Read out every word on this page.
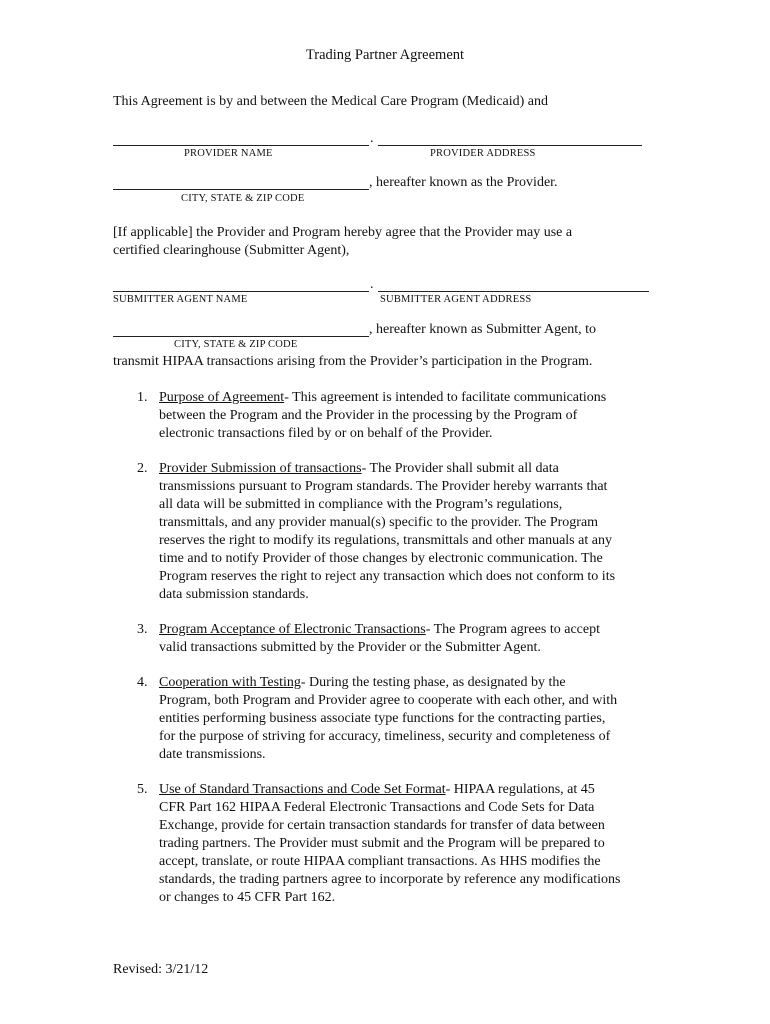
Trading Partner Agreement
This Agreement is by and between the Medical Care Program (Medicaid) and
.
PROVIDER NAME	PROVIDER ADDRESS
, hereafter known as the Provider.
CITY, STATE & ZIP CODE
[If applicable] the Provider and Program hereby agree that the Provider may use a
certified clearinghouse (Submitter Agent),
.
SUBMITTER AGENT NAME	SUBMITTER AGENT ADDRESS
, hereafter known as Submitter Agent, to
CITY, STATE & ZIP CODE
transmit HIPAA transactions arising from the Provider’s participation in the Program.
1. Purpose of Agreement- This agreement is intended to facilitate communications
between the Program and the Provider in the processing by the Program of
electronic transactions filed by or on behalf of the Provider.
2. Provider Submission of transactions- The Provider shall submit all data
transmissions pursuant to Program standards. The Provider hereby warrants that
all data will be submitted in compliance with the Program’s regulations,
transmittals, and any provider manual(s) specific to the provider. The Program
reserves the right to modify its regulations, transmittals and other manuals at any
time and to notify Provider of those changes by electronic communication. The
Program reserves the right to reject any transaction which does not conform to its
data submission standards.
3. Program Acceptance of Electronic Transactions- The Program agrees to accept
valid transactions submitted by the Provider or the Submitter Agent.
4. Cooperation with Testing- During the testing phase, as designated by the
Program, both Program and Provider agree to cooperate with each other, and with
entities performing business associate type functions for the contracting parties,
for the purpose of striving for accuracy, timeliness, security and completeness of
date transmissions.
5. Use of Standard Transactions and Code Set Format- HIPAA regulations, at 45
CFR Part 162 HIPAA Federal Electronic Transactions and Code Sets for Data
Exchange, provide for certain transaction standards for transfer of data between
trading partners. The Provider must submit and the Program will be prepared to
accept, translate, or route HIPAA compliant transactions. As HHS modifies the
standards, the trading partners agree to incorporate by reference any modifications
or changes to 45 CFR Part 162.
Revised: 3/21/12
